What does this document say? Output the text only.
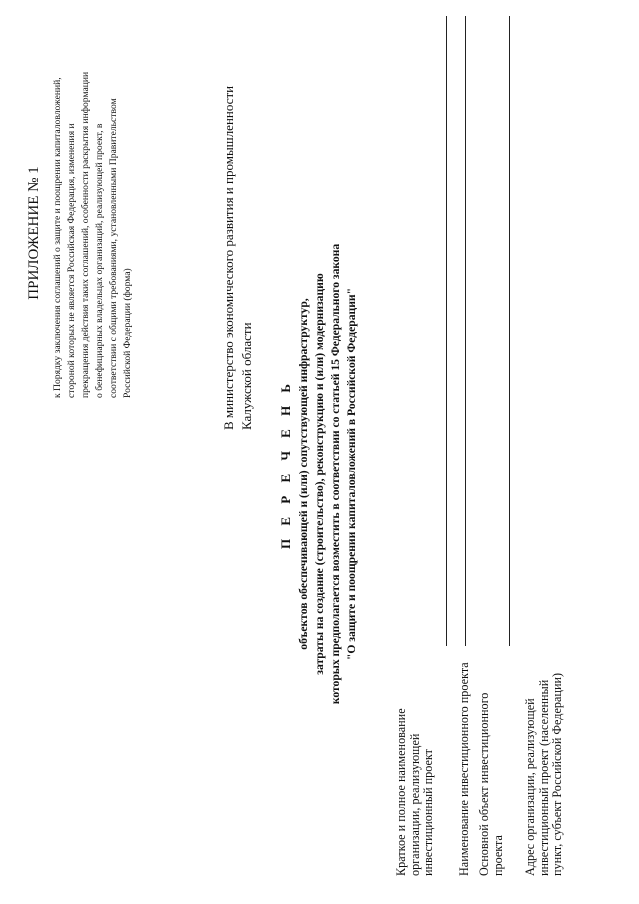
ПРИЛОЖЕНИЕ № 1 к Порядку заключения соглашений о защите и поощрении капиталовложений, стороной которых не является Российская Федерация, изменения и прекращения действия таких соглашений, особенности раскрытия информации о бенефициарных владельцах организаций, реализующей проект, в соответствии с общими требованиями, установленными Правительством Российской Федерации (форма)	В министерство экономического развития и промышленности Калужской области
П Е Р Е Ч Е Н Ь объектов обеспечивающей и (или) сопутствующей инфраструктур, затраты на создание (строительство), реконструкцию и (или) модернизацию которых предполагается возместить в соответствии со статьей 15 Федерального закона "О защите и поощрении капиталовложений в Российской Федерации"
Краткое и полное наименование организации, реализующей инвестиционный проект Наименование инвестиционного проекта Основной объект инвестиционного проекта Адрес организации, реализующей инвестиционный проект (населенный пункт, субъект Российской Федерации)
